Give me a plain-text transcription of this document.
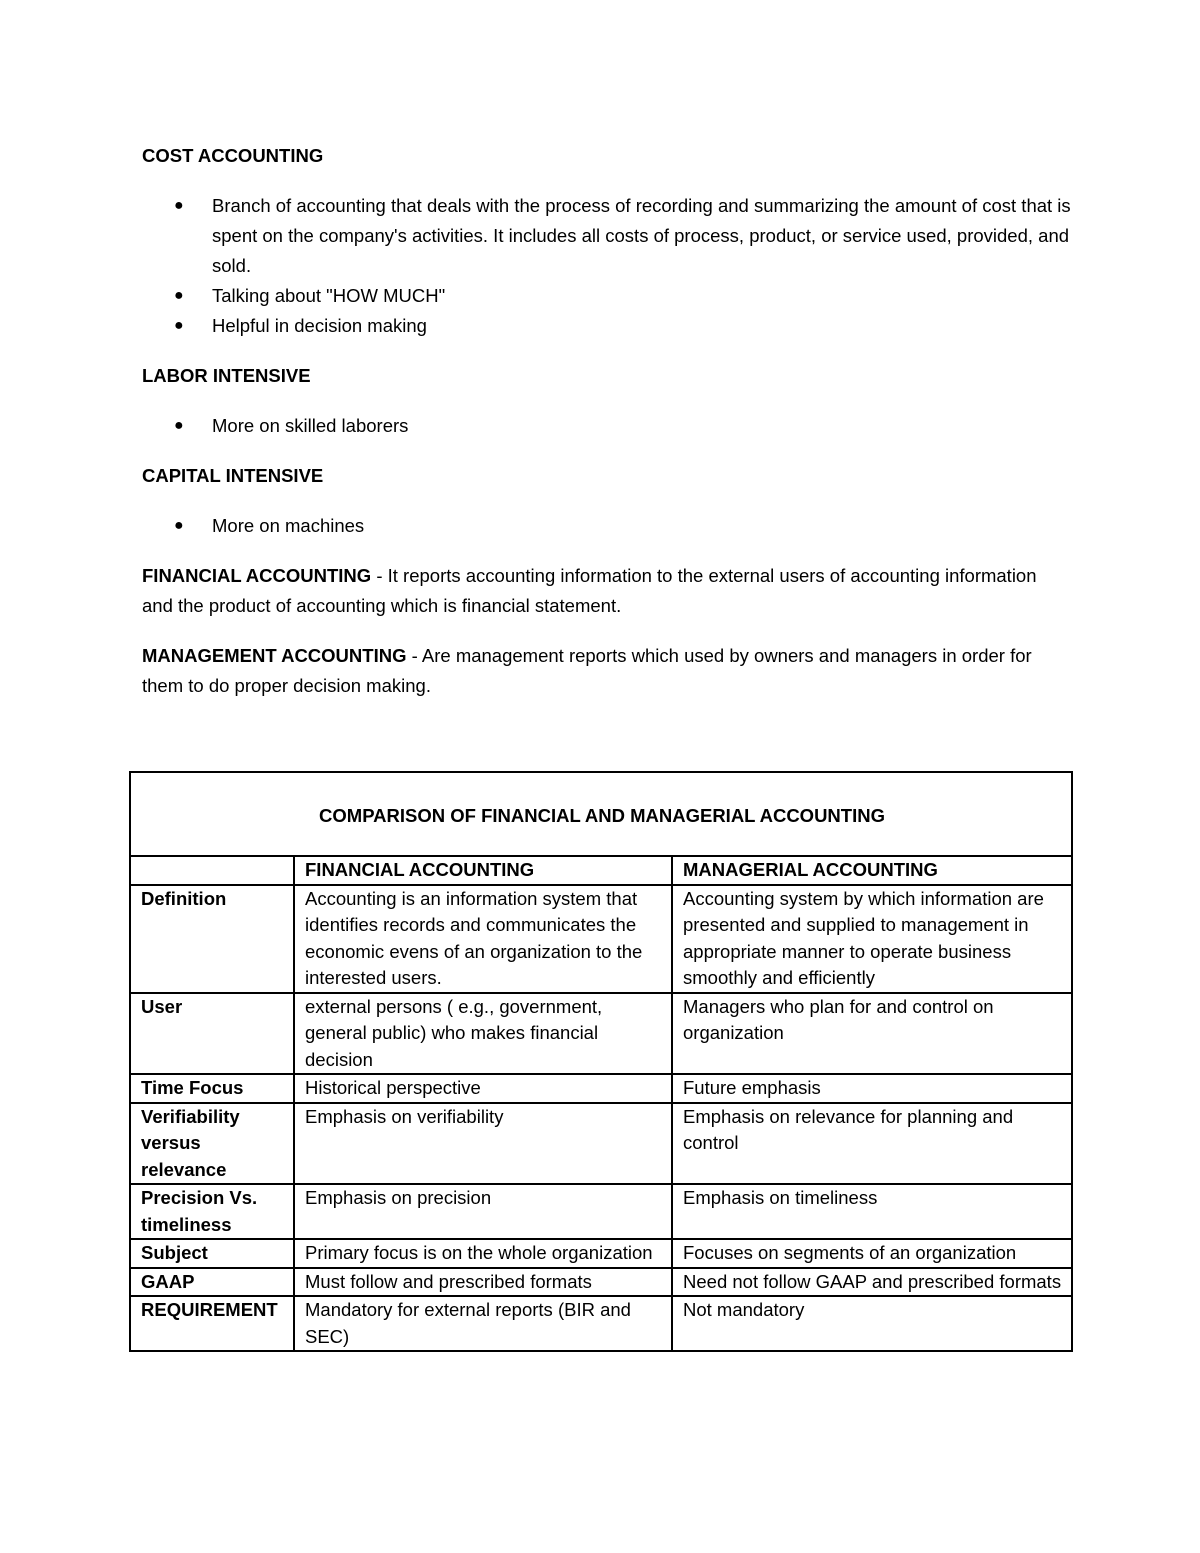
COST ACCOUNTING

● Branch of accounting that deals with the process of recording and summarizing the amount of cost that is spent on the company's activities. It includes all costs of process, product, or service used, provided, and sold.
● Talking about "HOW MUCH"
● Helpful in decision making

LABOR INTENSIVE

● More on skilled laborers

CAPITAL INTENSIVE

● More on machines

FINANCIAL ACCOUNTING - It reports accounting information to the external users of accounting information and the product of accounting which is financial statement.

MANAGEMENT ACCOUNTING - Are management reports which used by owners and managers in order for them to do proper decision making.

COMPARISON OF FINANCIAL AND MANAGERIAL ACCOUNTING		
	FINANCIAL ACCOUNTING	MANAGERIAL ACCOUNTING
Definition	Accounting is an information system that identifies records and communicates the economic evens of an organization to the interested users.	Accounting system by which information are presented and supplied to management in appropriate manner to operate business smoothly and efficiently
User	external persons ( e.g., government, general public) who makes financial decision	Managers who plan for and control on organization
Time Focus	Historical perspective	Future emphasis
Verifiability versus relevance	Emphasis on verifiability	Emphasis on relevance for planning and control
Precision Vs. timeliness	Emphasis on precision	Emphasis on timeliness
Subject	Primary focus is on the whole organization	Focuses on segments of an organization
GAAP	Must follow and prescribed formats	Need not follow GAAP and prescribed formats
REQUIREMENT	Mandatory for external reports (BIR and SEC)	Not mandatory
